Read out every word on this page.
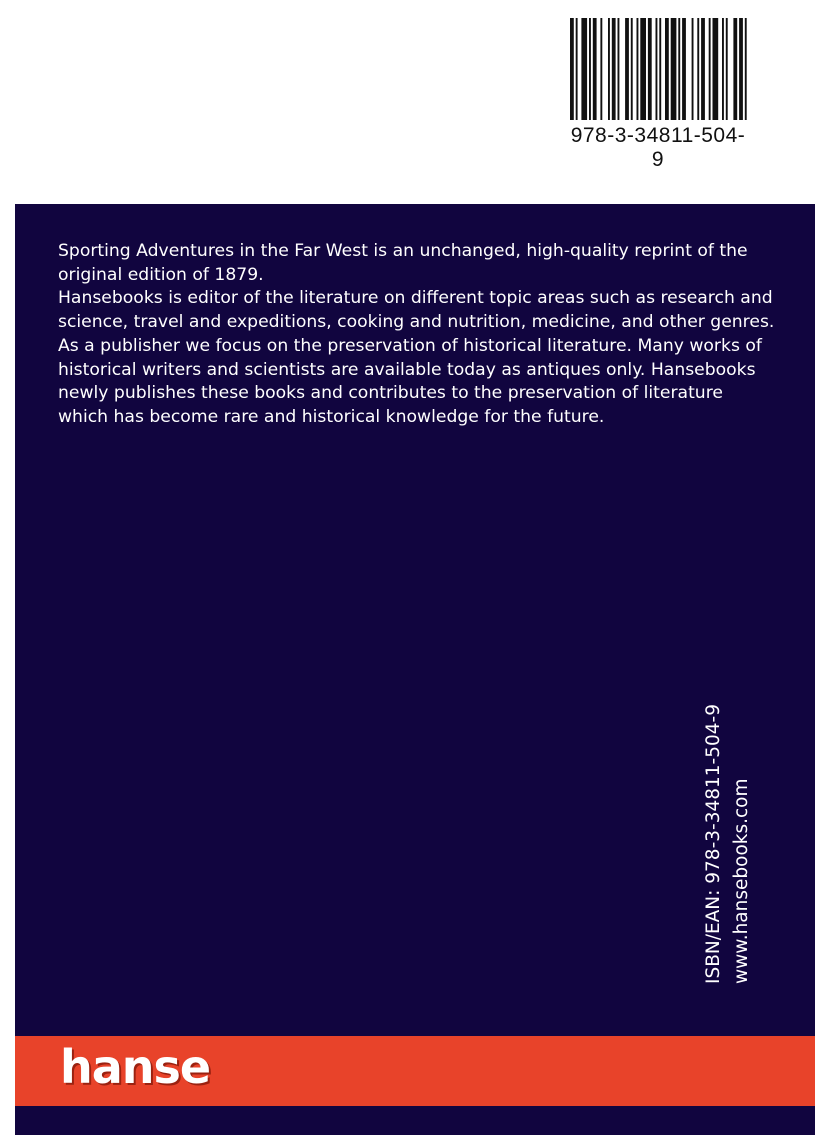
978-3-34811-504-9

Sporting Adventures in the Far West is an unchanged, high-quality reprint of the original edition of 1879.

Hansebooks is editor of the literature on different topic areas such as research and science, travel and expeditions, cooking and nutrition, medicine, and other genres. As a publisher we focus on the preservation of historical literature. Many works of historical writers and scientists are available today as antiques only. Hansebooks newly publishes these books and contributes to the preservation of literature which has become rare and historical knowledge for the future.

ISBN/EAN: 978-3-34811-504-9 www.hansebooks.com
hanse
